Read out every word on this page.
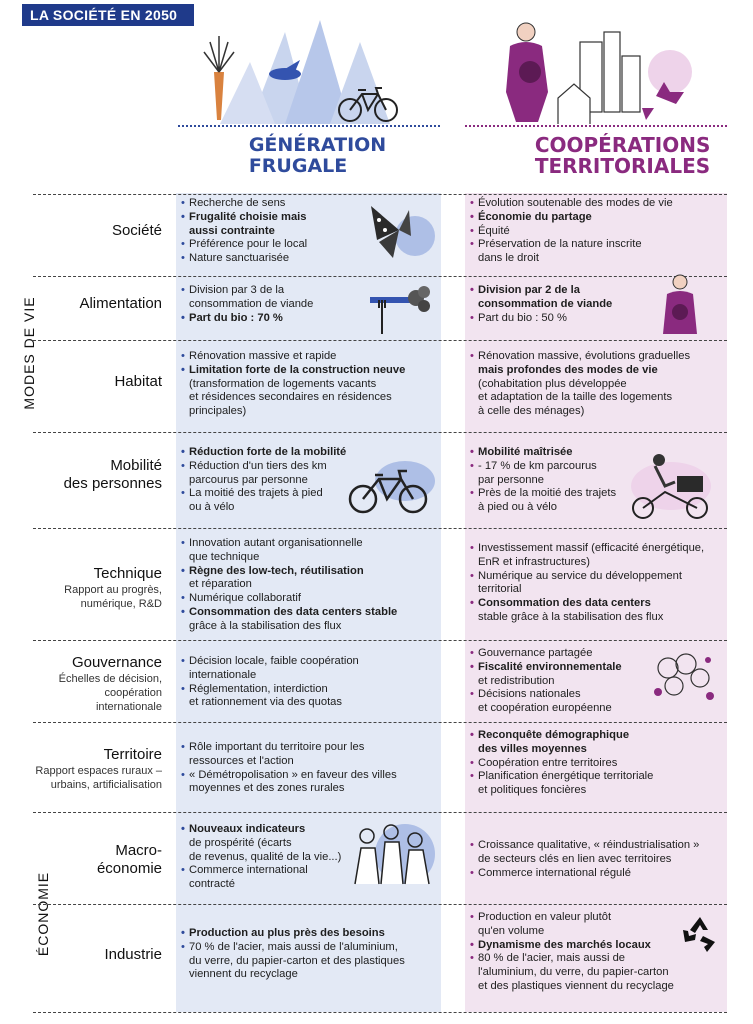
LA SOCIÉTÉ EN 2050
S1 GÉNÉRATION
FRUGALE	S2 COOPÉRATIONS
TERRITORIALES
MODES DE VIE
ÉCONOMIE
Société
• Recherche de sens
• Frugalité choisie mais
aussi contrainte
• Préférence pour le local
• Nature sanctuarisée
• Évolution soutenable des modes de vie
• Économie du partage
• Équité
• Préservation de la nature inscrite
dans le droit
Alimentation
• Division par 3 de la
consommation de viande
• Part du bio : 70 %
• Division par 2 de la
consommation de viande
• Part du bio : 50 %
Habitat
• Rénovation massive et rapide
• Limitation forte de la construction neuve
(transformation de logements vacants
et résidences secondaires en résidences
principales)
• Rénovation massive, évolutions graduelles
mais profondes des modes de vie
(cohabitation plus développée
et adaptation de la taille des logements
à celle des ménages)
Mobilité
des personnes
• Réduction forte de la mobilité
• Réduction d'un tiers des km
parcourus par personne
• La moitié des trajets à pied
ou à vélo
• Mobilité maîtrisée
• - 17 % de km parcourus
par personne
• Près de la moitié des trajets
à pied ou à vélo
Technique
Rapport au progrès,
numérique, R&D
• Innovation autant organisationnelle
que technique
• Règne des low-tech, réutilisation
et réparation
• Numérique collaboratif
• Consommation des data centers stable
grâce à la stabilisation des flux
• Investissement massif (efficacité énergétique,
EnR et infrastructures)
• Numérique au service du développement
territorial
• Consommation des data centers
stable grâce à la stabilisation des flux
Gouvernance
Échelles de décision,
coopération
internationale
• Décision locale, faible coopération
internationale
• Réglementation, interdiction
et rationnement via des quotas
• Gouvernance partagée
• Fiscalité environnementale
et redistribution
• Décisions nationales
et coopération européenne
Territoire
Rapport espaces ruraux –
urbains, artificialisation
• Rôle important du territoire pour les
ressources et l'action
• « Démétropolisation » en faveur des villes
moyennes et des zones rurales
• Reconquête démographique
des villes moyennes
• Coopération entre territoires
• Planification énergétique territoriale
et politiques foncières
Macro-
économie
• Nouveaux indicateurs
de prospérité (écarts
de revenus, qualité de la vie...)
• Commerce international
contracté
• Croissance qualitative, « réindustrialisation »
de secteurs clés en lien avec territoires
• Commerce international régulé
Industrie
• Production au plus près des besoins
• 70 % de l'acier, mais aussi de l'aluminium,
du verre, du papier-carton et des plastiques
viennent du recyclage
• Production en valeur plutôt
qu'en volume
• Dynamisme des marchés locaux
• 80 % de l'acier, mais aussi de
l'aluminium, du verre, du papier-carton
et des plastiques viennent du recyclage
